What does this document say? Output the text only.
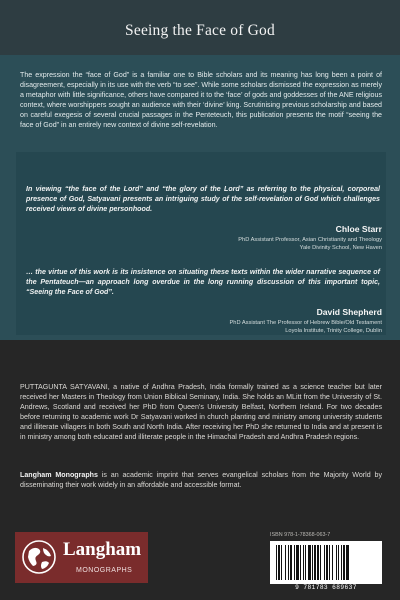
Seeing the Face of God

The expression the “face of God” is a familiar one to Bible scholars and its meaning has long been a point of disagreement, especially in its use with the verb “to see”. While some scholars dismissed the expression as merely a metaphor with little significance, others have compared it to the ‘face’ of gods and goddesses of the ANE religious context, where worshippers sought an audience with their ‘divine’ king. Scrutinising previous scholarship and based on careful exegesis of several crucial passages in the Penteteuch, this publication presents the motif “seeing the face of God” in an entirely new context of divine self-revelation.

In viewing “the face of the Lord” and “the glory of the Lord” as referring to the physical, corporeal presence of God, Satyavani presents an intriguing study of the self-revelation of God which challenges received views of divine personhood.

Chloe Starr
PhD Assistant Professor, Asian Christianity and Theology
Yale Divinity School, New Haven

… the virtue of this work is its insistence on situating these texts within the wider narrative sequence of the Pentateuch—an approach long overdue in the long running discussion of this important topic, “Seeing the Face of God”.

David Shepherd
PhD Assistant The Professor of Hebrew Bible/Old Testament
Loyola Institute, Trinity College, Dublin

PUTTAGUNTA SATYAVANI, a native of Andhra Pradesh, India formally trained as a science teacher but later received her Masters in Theology from Union Biblical Seminary, India. She holds an MLitt from the University of St. Andrews, Scotland and received her PhD from Queen’s University Belfast, Northern Ireland. For two decades before returning to academic work Dr Satyavani worked in church planting and ministry among university students and illiterate villagers in both South and North India. After receiving her PhD she returned to India and at present is in ministry among both educated and illiterate people in the Himachal Pradesh and Andhra Pradesh regions.

Langham Monographs is an academic imprint that serves evangelical scholars from the Majority World by disseminating their work widely in an affordable and accessible format.

Langham
MONOGRAPHS
ISBN 978-1-78368-063-7
9 781783 689637
